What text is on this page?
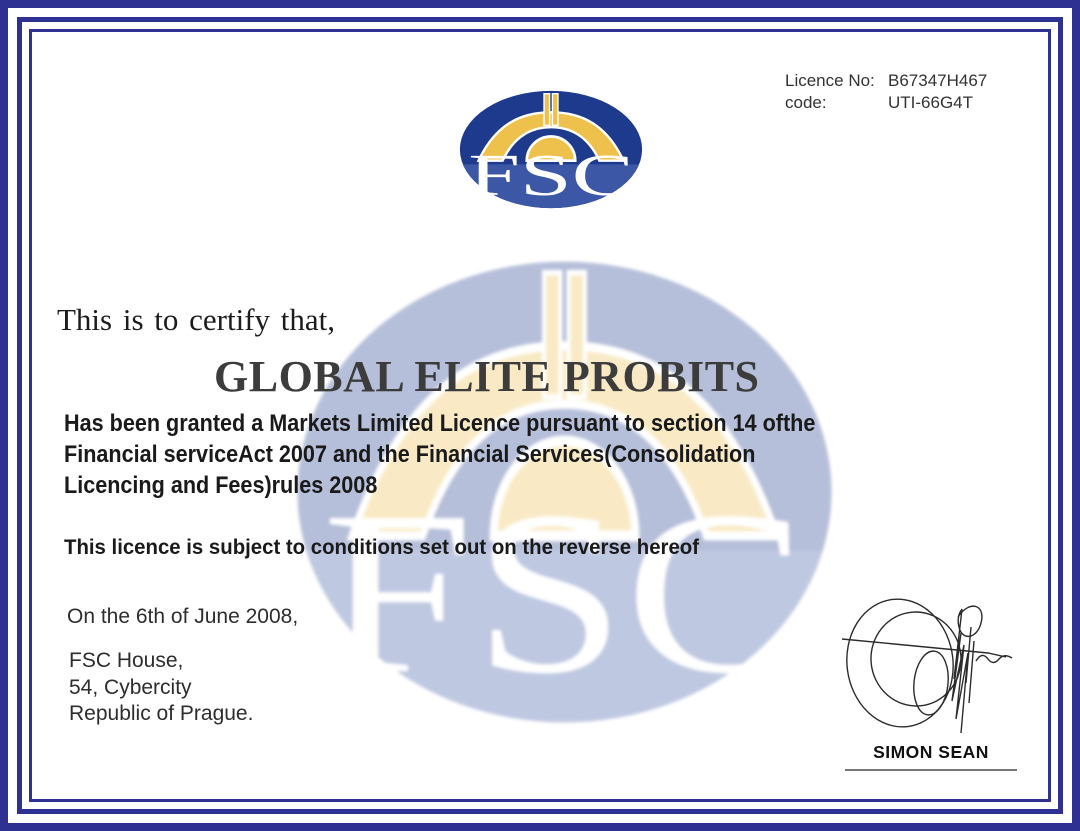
Licence No: B67347H467
code:	UTI-66G4T
This is to certify that,
GLOBAL ELITE PROBITS
Has been granted a Markets Limited Licence pursuant to section 14 ofthe
Financial serviceAct 2007 and the Financial Services(Consolidation
Licencing and Fees)rules 2008
This licence is subject to conditions set out on the reverse hereof
On the 6th of June 2008,
FSC House,
54, Cybercity
Republic of Prague.
SIMON SEAN
